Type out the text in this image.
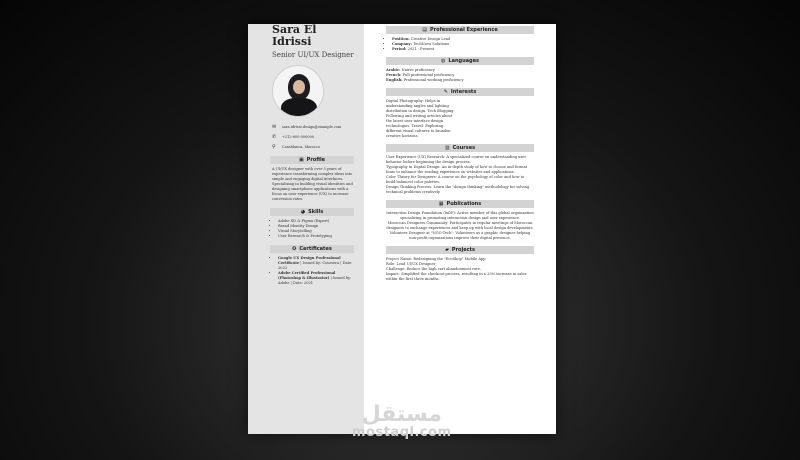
Sara El Idrissi
Senior UI/UX Designer
✉	sara.idrissi.design@example.com
✆	+212-600-000000
⚲	Casablanca, Morocco
▣ Profile
A UI/UX designer with over 5 years of experience transforming complex ideas into simple and engaging digital interfaces. Specializing in building visual identities and designing smartphone applications with a focus on user experience (UX) to increase conversion rates.
◕ Skills
• Adobe XD & Figma (Expert)
• Brand Identity Design
• Visual Storytelling
• User Research & Prototyping
✪ Certificates
• Google UX Design Professional Certificate | Issued by: Coursera | Date: 2022
• Adobe Certified Professional (Photoshop & Illustrator) | Issued by: Adobe | Date: 2021
▤ Professional Experience
• Position: Creative Design Lead
• Company: TechNova Solutions
• Period: 2021 - Present
◍ Languages
Arabic: Native proficiency
French: Full professional proficiency
English: Professional working proficiency
✎ Interests
Digital Photography: Helps in understanding angles and lighting distribution in design. Tech Blogging: Following and writing articles about the latest user interface design technologies. Travel: Exploring different visual cultures to broaden creative horizons.
▥ Courses
User Experience (UX) Research: A specialized course on understanding user behavior before beginning the design process.
Typography in Digital Design: An in-depth study of how to choose and format fonts to enhance the reading experience on websites and applications.
Color Theory for Designers: A course on the psychology of color and how to build balanced color palettes.
Design Thinking Process: Learn the "design thinking" methodology for solving technical problems creatively.
▦ Publications
Interaction Design Foundation (IxDF): Active member of this global organization specializing in promoting interaction design and user experience.
Moroccan Designers Community: Participates in regular meetings of Moroccan designers to exchange experiences and keep up with local design developments.
Volunteer Designer at "NGO-Tech": Volunteers as a graphic designer helping non-profit organizations improve their digital presence.
▰ Projects
Project Name: Redesigning the "EcoShop" Mobile App
Role: Lead UI/UX Designer
Challenge: Reduce the high cart abandonment rate.
Impact: Simplified the checkout process, resulting in a 25% increase in sales within the first three months.
مستقل
mostaql.com
